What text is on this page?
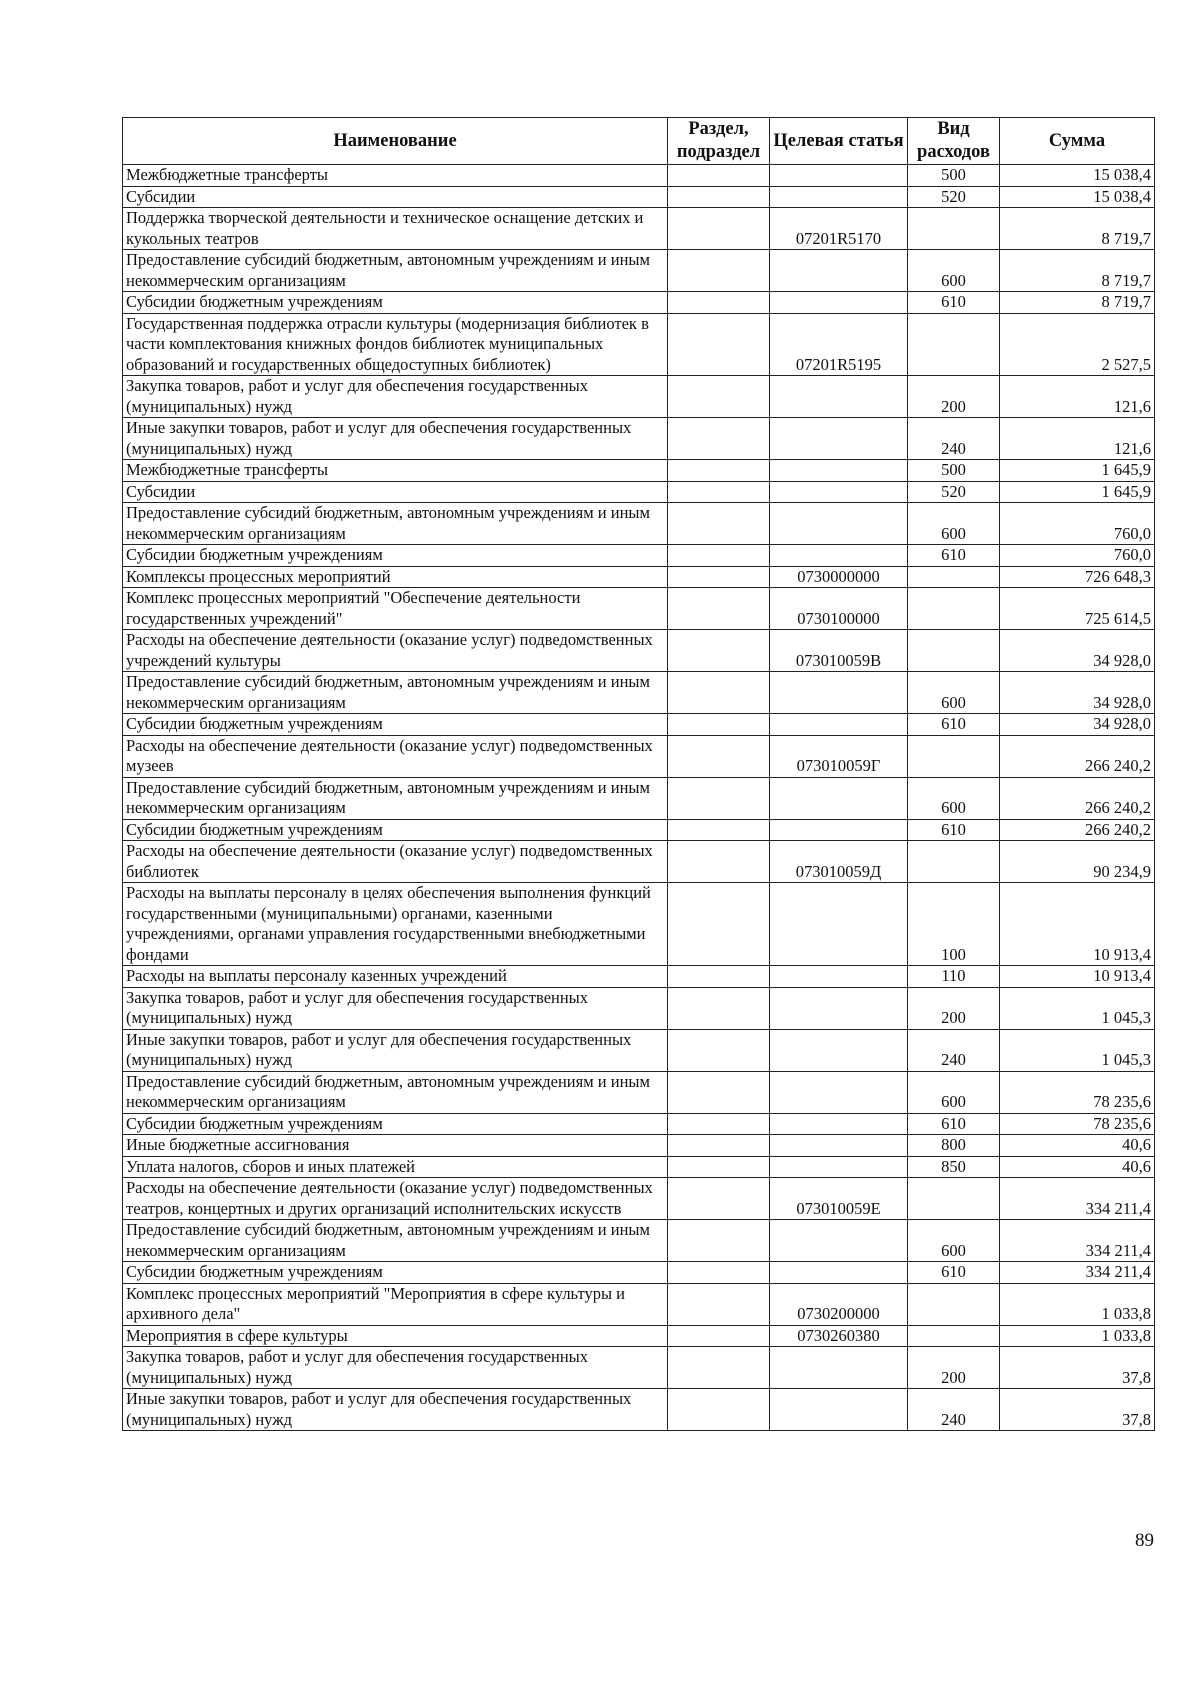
Наименование	Раздел, подраздел	Целевая статья	Вид расходов	Сумма
Межбюджетные трансферты			500	15 038,4
Субсидии			520	15 038,4
Поддержка творческой деятельности и техническое оснащение детских и кукольных театров		07201R5170		8 719,7
Предоставление субсидий бюджетным, автономным учреждениям и иным некоммерческим организациям			600	8 719,7
Субсидии бюджетным учреждениям			610	8 719,7
Государственная поддержка отрасли культуры (модернизация библиотек в части комплектования книжных фондов библиотек муниципальных образований и государственных общедоступных библиотек)		07201R5195		2 527,5
Закупка товаров, работ и услуг для обеспечения государственных (муниципальных) нужд			200	121,6
Иные закупки товаров, работ и услуг для обеспечения государственных (муниципальных) нужд			240	121,6
Межбюджетные трансферты			500	1 645,9
Субсидии			520	1 645,9
Предоставление субсидий бюджетным, автономным учреждениям и иным некоммерческим организациям			600	760,0
Субсидии бюджетным учреждениям			610	760,0
Комплексы процессных мероприятий		0730000000		726 648,3
Комплекс процессных мероприятий "Обеспечение деятельности государственных учреждений"		0730100000		725 614,5
Расходы на обеспечение деятельности (оказание услуг) подведомственных учреждений культуры		073010059В		34 928,0
Предоставление субсидий бюджетным, автономным учреждениям и иным некоммерческим организациям			600	34 928,0
Субсидии бюджетным учреждениям			610	34 928,0
Расходы на обеспечение деятельности (оказание услуг) подведомственных музеев		073010059Г		266 240,2
Предоставление субсидий бюджетным, автономным учреждениям и иным некоммерческим организациям			600	266 240,2
Субсидии бюджетным учреждениям			610	266 240,2
Расходы на обеспечение деятельности (оказание услуг) подведомственных библиотек		073010059Д		90 234,9
Расходы на выплаты персоналу в целях обеспечения выполнения функций государственными (муниципальными) органами, казенными учреждениями, органами управления государственными внебюджетными фондами			100	10 913,4
Расходы на выплаты персоналу казенных учреждений			110	10 913,4
Закупка товаров, работ и услуг для обеспечения государственных (муниципальных) нужд			200	1 045,3
Иные закупки товаров, работ и услуг для обеспечения государственных (муниципальных) нужд			240	1 045,3
Предоставление субсидий бюджетным, автономным учреждениям и иным некоммерческим организациям			600	78 235,6
Субсидии бюджетным учреждениям			610	78 235,6
Иные бюджетные ассигнования			800	40,6
Уплата налогов, сборов и иных платежей			850	40,6
Расходы на обеспечение деятельности (оказание услуг) подведомственных театров, концертных и других организаций исполнительских искусств		073010059Е		334 211,4
Предоставление субсидий бюджетным, автономным учреждениям и иным некоммерческим организациям			600	334 211,4
Субсидии бюджетным учреждениям			610	334 211,4
Комплекс процессных мероприятий "Мероприятия в сфере культуры и архивного дела"		0730200000		1 033,8
Мероприятия в сфере культуры		0730260380		1 033,8
Закупка товаров, работ и услуг для обеспечения государственных (муниципальных) нужд			200	37,8
Иные закупки товаров, работ и услуг для обеспечения государственных (муниципальных) нужд			240	37,8
89
